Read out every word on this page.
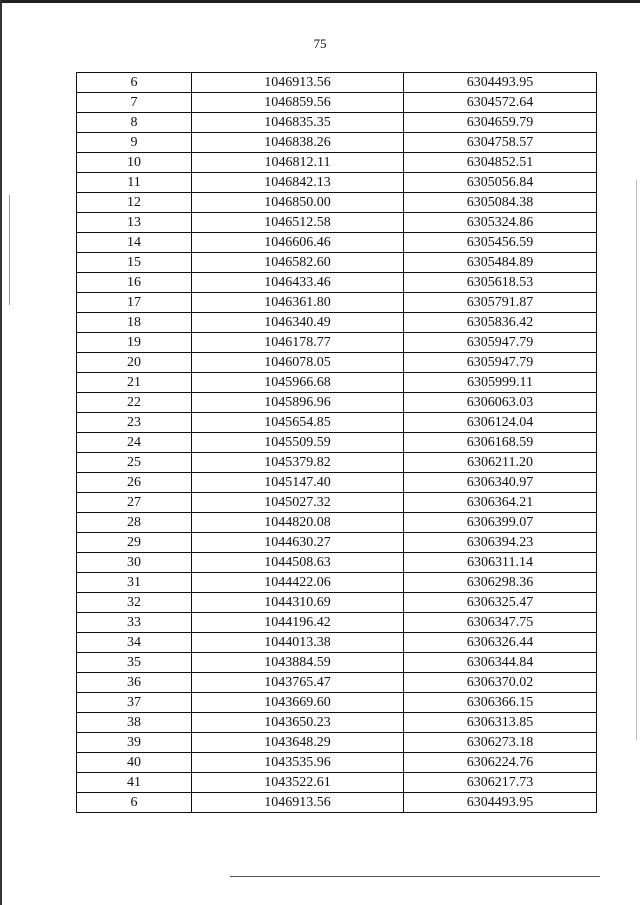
75
6	1046913.56	6304493.95
7	1046859.56	6304572.64
8	1046835.35	6304659.79
9	1046838.26	6304758.57
10	1046812.11	6304852.51
11	1046842.13	6305056.84
12	1046850.00	6305084.38
13	1046512.58	6305324.86
14	1046606.46	6305456.59
15	1046582.60	6305484.89
16	1046433.46	6305618.53
17	1046361.80	6305791.87
18	1046340.49	6305836.42
19	1046178.77	6305947.79
20	1046078.05	6305947.79
21	1045966.68	6305999.11
22	1045896.96	6306063.03
23	1045654.85	6306124.04
24	1045509.59	6306168.59
25	1045379.82	6306211.20
26	1045147.40	6306340.97
27	1045027.32	6306364.21
28	1044820.08	6306399.07
29	1044630.27	6306394.23
30	1044508.63	6306311.14
31	1044422.06	6306298.36
32	1044310.69	6306325.47
33	1044196.42	6306347.75
34	1044013.38	6306326.44
35	1043884.59	6306344.84
36	1043765.47	6306370.02
37	1043669.60	6306366.15
38	1043650.23	6306313.85
39	1043648.29	6306273.18
40	1043535.96	6306224.76
41	1043522.61	6306217.73
6	1046913.56	6304493.95
